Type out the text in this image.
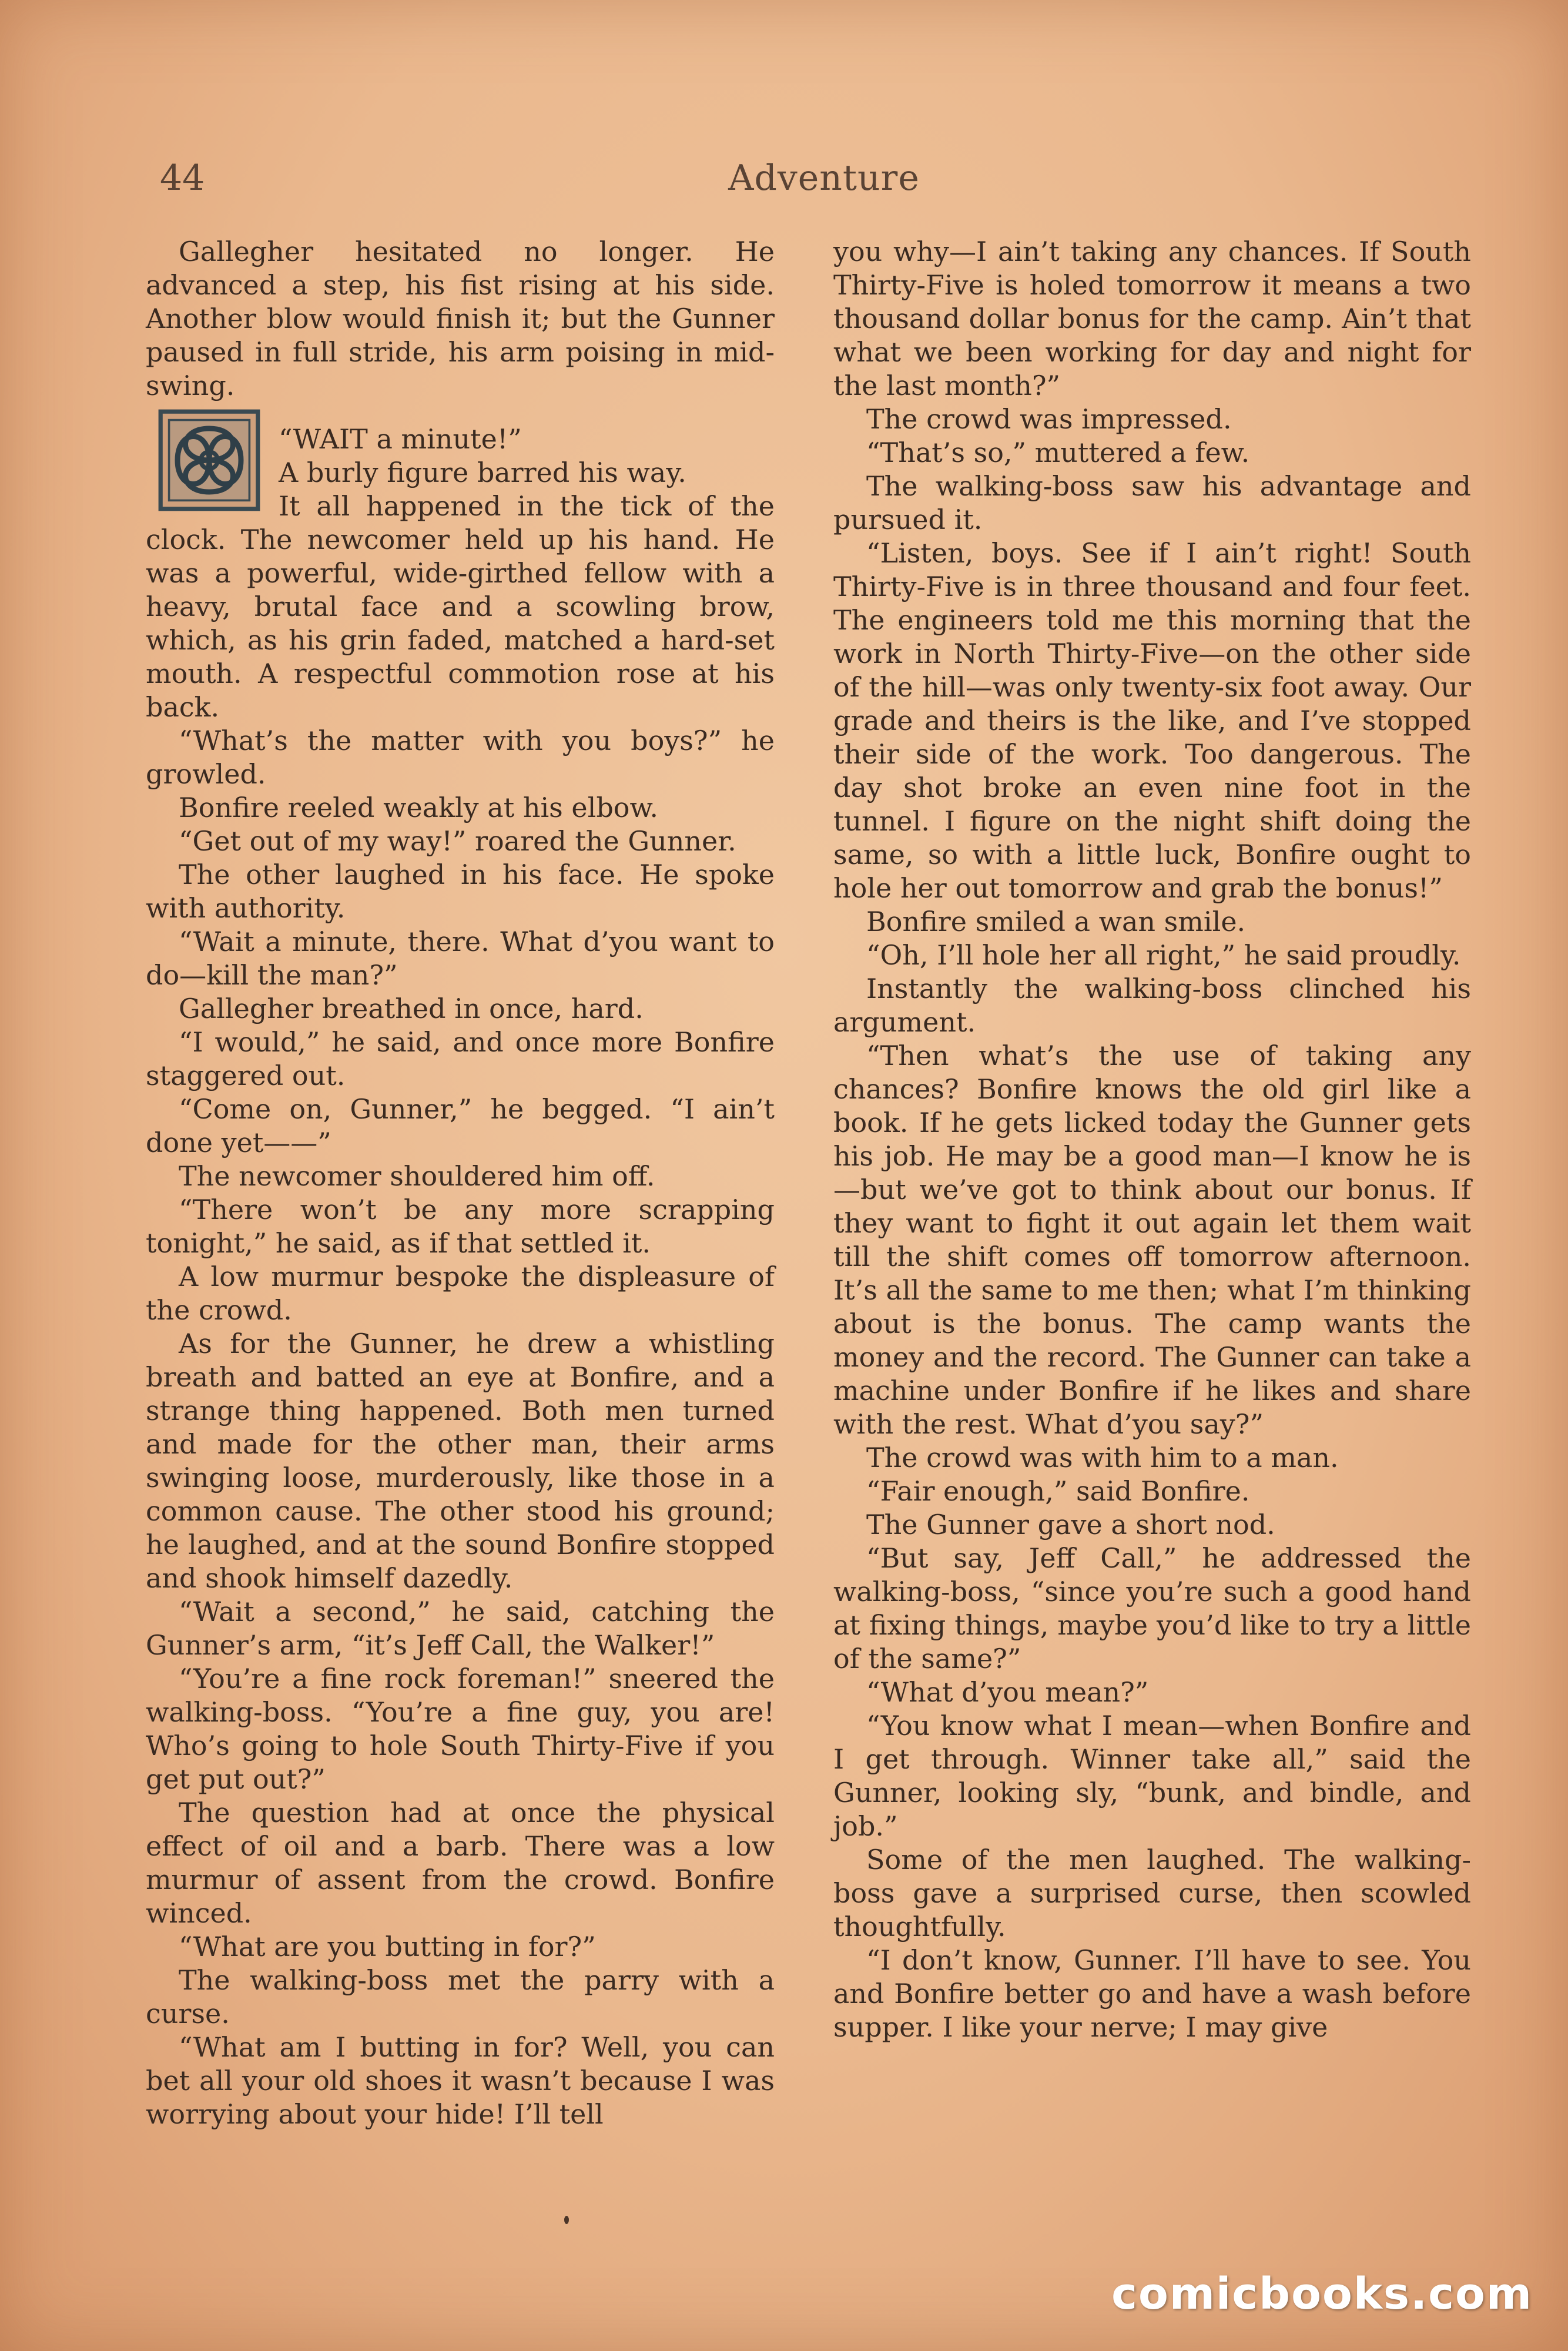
44	Adventure

Gallegher hesitated no longer. He advanced a step, his fist rising at his side. Another blow would finish it; but the Gunner paused in full stride, his arm poising in mid-swing.

“WAIT a minute!”

A burly figure barred his way.

It all happened in the tick of the clock. The newcomer held up his hand. He was a powerful, wide-girthed fellow with a heavy, brutal face and a scowling brow, which, as his grin faded, matched a hard-set mouth. A respectful commotion rose at his back.

“What’s the matter with you boys?” he growled.

Bonfire reeled weakly at his elbow.

“Get out of my way!” roared the Gunner.

The other laughed in his face. He spoke with authority.

“Wait a minute, there. What d’you want to do—kill the man?”

Gallegher breathed in once, hard.

“I would,” he said, and once more Bonfire staggered out.

“Come on, Gunner,” he begged. “I ain’t done yet——”

The newcomer shouldered him off.

“There won’t be any more scrapping tonight,” he said, as if that settled it.

A low murmur bespoke the displeasure of the crowd.

As for the Gunner, he drew a whistling breath and batted an eye at Bonfire, and a strange thing happened. Both men turned and made for the other man, their arms swinging loose, murderously, like those in a common cause. The other stood his ground; he laughed, and at the sound Bonfire stopped and shook himself dazedly.

“Wait a second,” he said, catching the Gunner’s arm, “it’s Jeff Call, the Walker!”

“You’re a fine rock foreman!” sneered the walking-boss. “You’re a fine guy, you are! Who’s going to hole South Thirty-Five if you get put out?”

The question had at once the physical effect of oil and a barb. There was a low murmur of assent from the crowd. Bonfire winced.

“What are you butting in for?”

The walking-boss met the parry with a curse.

“What am I butting in for? Well, you can bet all your old shoes it wasn’t because I was worrying about your hide! I’ll tell

you why—I ain’t taking any chances. If South Thirty-Five is holed tomorrow it means a two thousand dollar bonus for the camp. Ain’t that what we been working for day and night for the last month?”

The crowd was impressed.

“That’s so,” muttered a few.

The walking-boss saw his advantage and pursued it.

“Listen, boys. See if I ain’t right! South Thirty-Five is in three thousand and four feet. The engineers told me this morning that the work in North Thirty-Five—on the other side of the hill—was only twenty-six foot away. Our grade and theirs is the like, and I’ve stopped their side of the work. Too dangerous. The day shot broke an even nine foot in the tunnel. I figure on the night shift doing the same, so with a little luck, Bonfire ought to hole her out tomorrow and grab the bonus!”

Bonfire smiled a wan smile.

“Oh, I’ll hole her all right,” he said proudly.

Instantly the walking-boss clinched his argument.

“Then what’s the use of taking any chances? Bonfire knows the old girl like a book. If he gets licked today the Gunner gets his job. He may be a good man—I know he is—but we’ve got to think about our bonus. If they want to fight it out again let them wait till the shift comes off tomorrow afternoon. It’s all the same to me then; what I’m thinking about is the bonus. The camp wants the money and the record. The Gunner can take a machine under Bonfire if he likes and share with the rest. What d’you say?”

The crowd was with him to a man.

“Fair enough,” said Bonfire.

The Gunner gave a short nod.

“But say, Jeff Call,” he addressed the walking-boss, “since you’re such a good hand at fixing things, maybe you’d like to try a little of the same?”

“What d’you mean?”

“You know what I mean—when Bonfire and I get through. Winner take all,” said the Gunner, looking sly, “bunk, and bindle, and job.”

Some of the men laughed. The walking-boss gave a surprised curse, then scowled thoughtfully.

“I don’t know, Gunner. I’ll have to see. You and Bonfire better go and have a wash before supper. I like your nerve; I may give

comicbooks.com
